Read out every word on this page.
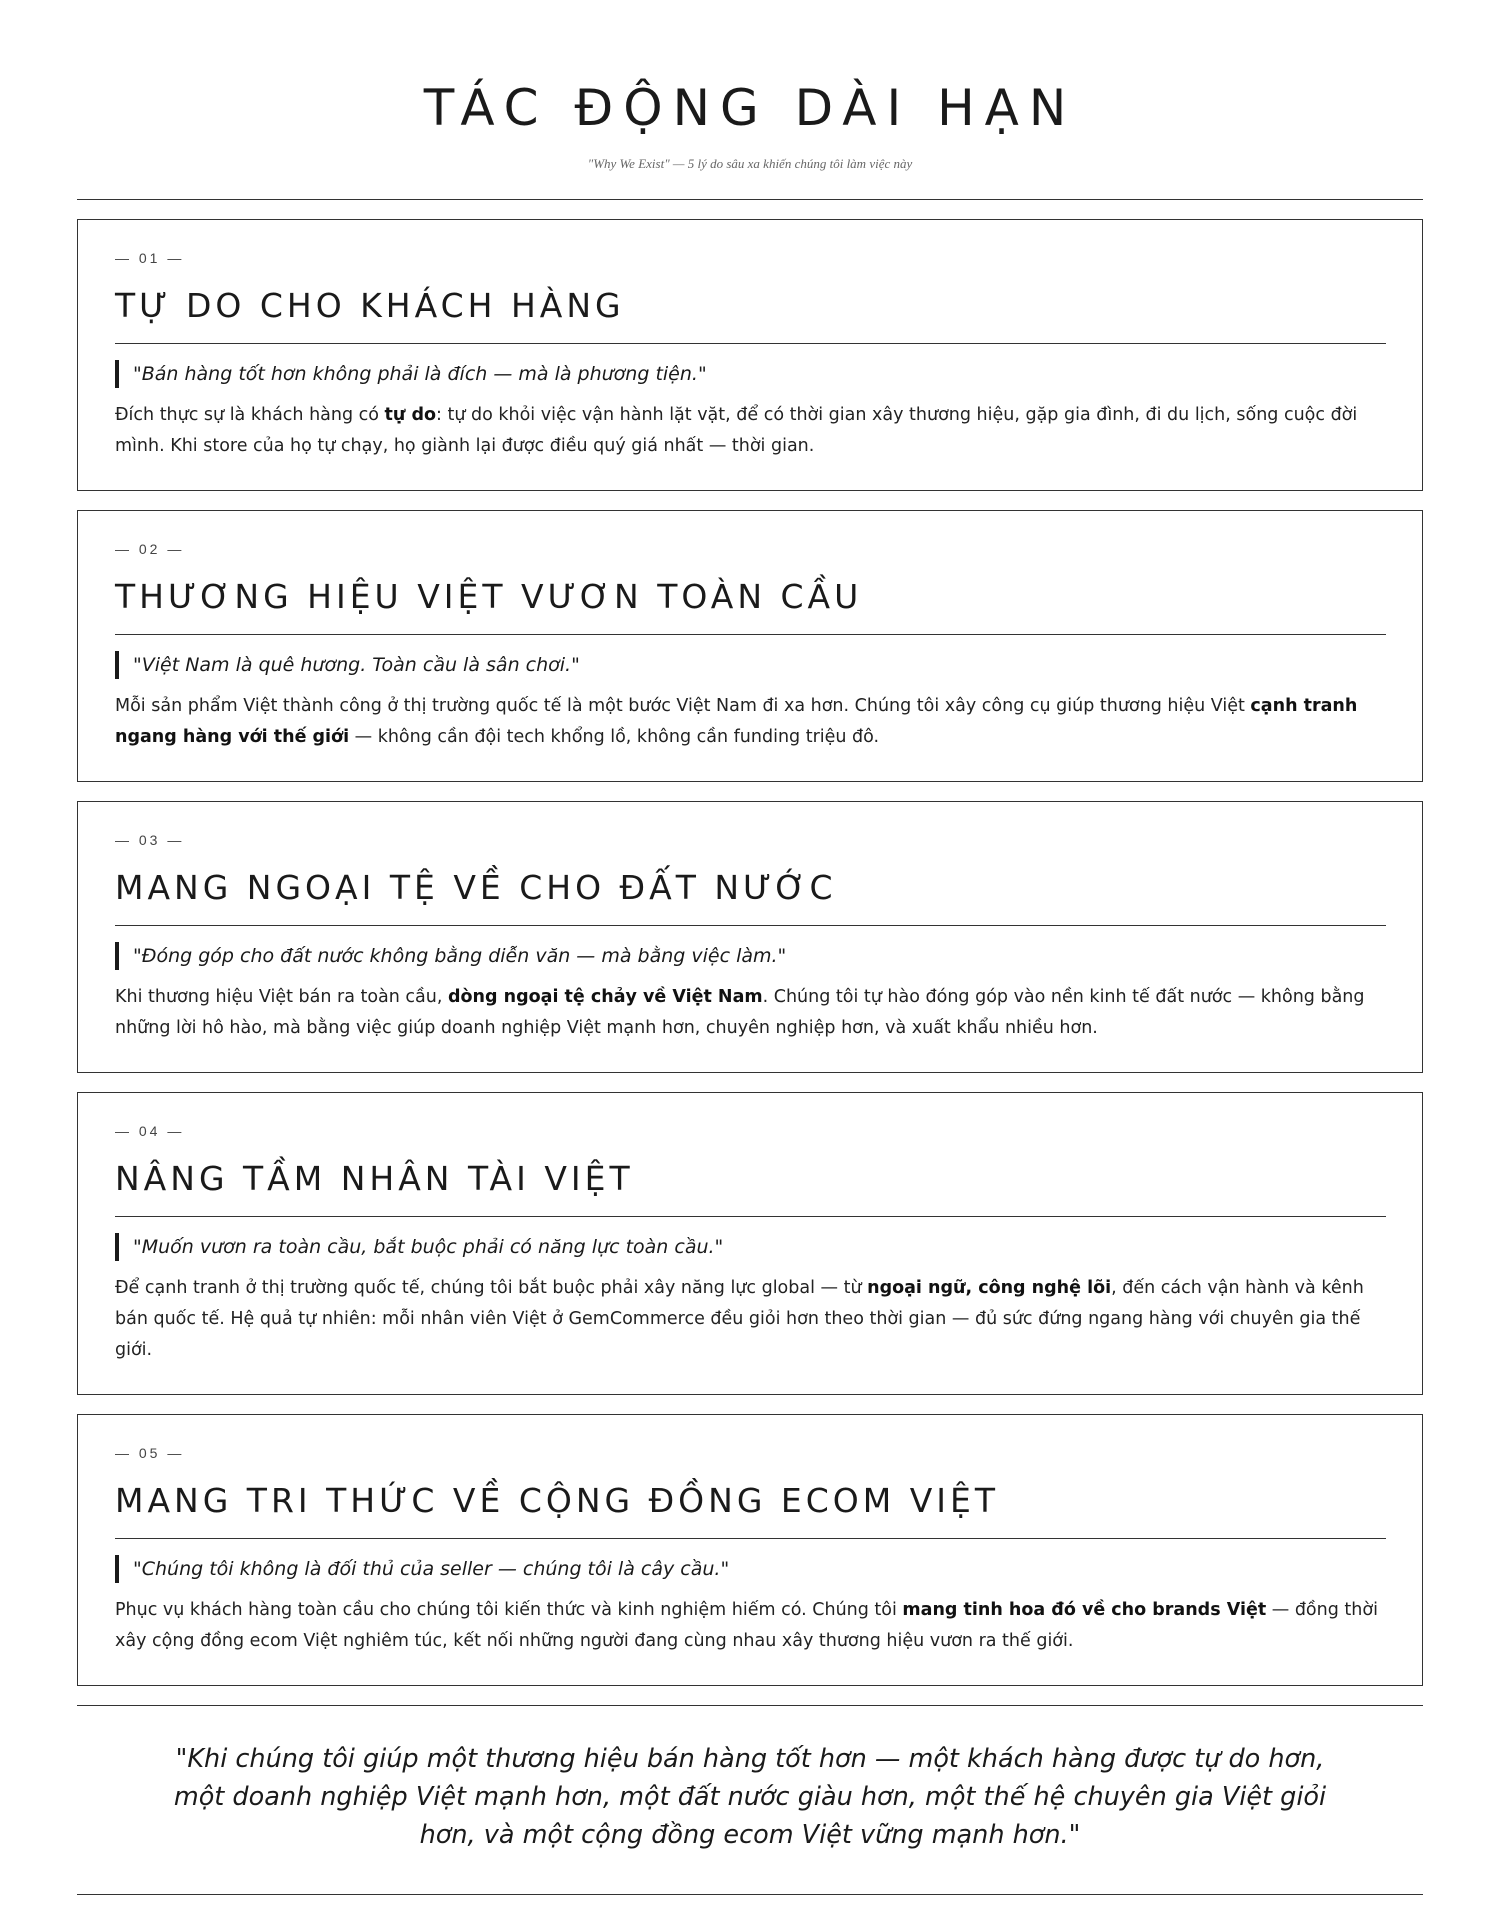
TÁC ĐỘNG DÀI HẠN
"Why We Exist" — 5 lý do sâu xa khiến chúng tôi làm việc này
— 01 —
TỰ DO CHO KHÁCH HÀNG
"Bán hàng tốt hơn không phải là đích — mà là phương tiện."
Đích thực sự là khách hàng có tự do: tự do khỏi việc vận hành lặt vặt, để có thời gian xây thương hiệu, gặp gia đình, đi du lịch, sống cuộc đời mình. Khi store của họ tự chạy, họ giành lại được điều quý giá nhất — thời gian.
— 02 —
THƯƠNG HIỆU VIỆT VƯƠN TOÀN CẦU
"Việt Nam là quê hương. Toàn cầu là sân chơi."
Mỗi sản phẩm Việt thành công ở thị trường quốc tế là một bước Việt Nam đi xa hơn. Chúng tôi xây công cụ giúp thương hiệu Việt cạnh tranh ngang hàng với thế giới — không cần đội tech khổng lồ, không cần funding triệu đô.
— 03 —
MANG NGOẠI TỆ VỀ CHO ĐẤT NƯỚC
"Đóng góp cho đất nước không bằng diễn văn — mà bằng việc làm."
Khi thương hiệu Việt bán ra toàn cầu, dòng ngoại tệ chảy về Việt Nam. Chúng tôi tự hào đóng góp vào nền kinh tế đất nước — không bằng những lời hô hào, mà bằng việc giúp doanh nghiệp Việt mạnh hơn, chuyên nghiệp hơn, và xuất khẩu nhiều hơn.
— 04 —
NÂNG TẦM NHÂN TÀI VIỆT
"Muốn vươn ra toàn cầu, bắt buộc phải có năng lực toàn cầu."
Để cạnh tranh ở thị trường quốc tế, chúng tôi bắt buộc phải xây năng lực global — từ ngoại ngữ, công nghệ lõi, đến cách vận hành và kênh bán quốc tế. Hệ quả tự nhiên: mỗi nhân viên Việt ở GemCommerce đều giỏi hơn theo thời gian — đủ sức đứng ngang hàng với chuyên gia thế giới.
— 05 —
MANG TRI THỨC VỀ CỘNG ĐỒNG ECOM VIỆT
"Chúng tôi không là đối thủ của seller — chúng tôi là cây cầu."
Phục vụ khách hàng toàn cầu cho chúng tôi kiến thức và kinh nghiệm hiếm có. Chúng tôi mang tinh hoa đó về cho brands Việt — đồng thời xây cộng đồng ecom Việt nghiêm túc, kết nối những người đang cùng nhau xây thương hiệu vươn ra thế giới.
"Khi chúng tôi giúp một thương hiệu bán hàng tốt hơn — một khách hàng được tự do hơn, một doanh nghiệp Việt mạnh hơn, một đất nước giàu hơn, một thế hệ chuyên gia Việt giỏi hơn, và một cộng đồng ecom Việt vững mạnh hơn."
